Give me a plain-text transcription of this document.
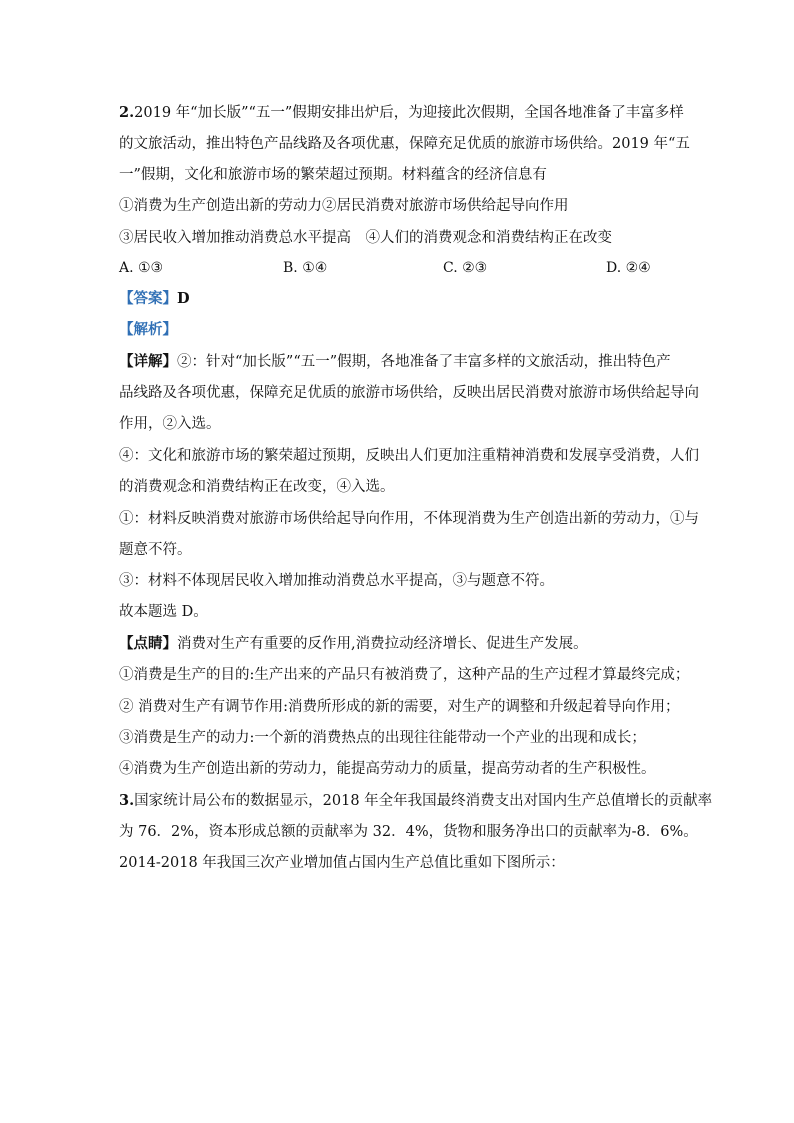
2.2019 年“加长版”“五一”假期安排出炉后，为迎接此次假期，全国各地准备了丰富多样
的文旅活动，推出特色产品线路及各项优惠，保障充足优质的旅游市场供给。2019 年“五
一”假期，文化和旅游市场的繁荣超过预期。材料蕴含的经济信息有
①消费为生产创造出新的劳动力②居民消费对旅游市场供给起导向作用
③居民收入增加推动消费总水平提高　④人们的消费观念和消费结构正在改变
A. ①③	B. ①④	C. ②③	D. ②④
【答案】D
【解析】
【详解】②：针对“加长版”“五一”假期，各地准备了丰富多样的文旅活动，推出特色产
品线路及各项优惠，保障充足优质的旅游市场供给，反映出居民消费对旅游市场供给起导向
作用，②入选。
④：文化和旅游市场的繁荣超过预期，反映出人们更加注重精神消费和发展享受消费，人们
的消费观念和消费结构正在改变，④入选。
①：材料反映消费对旅游市场供给起导向作用，不体现消费为生产创造出新的劳动力，①与
题意不符。
③：材料不体现居民收入增加推动消费总水平提高，③与题意不符。
故本题选 D。
【点睛】消费对生产有重要的反作用,消费拉动经济增长、促进生产发展。
①消费是生产的目的:生产出来的产品只有被消费了，这种产品的生产过程才算最终完成；
② 消费对生产有调节作用:消费所形成的新的需要，对生产的调整和升级起着导向作用；
③消费是生产的动力:一个新的消费热点的出现往往能带动一个产业的出现和成长；
④消费为生产创造出新的劳动力，能提高劳动力的质量，提高劳动者的生产积极性。
3.国家统计局公布的数据显示，2018 年全年我国最终消费支出对国内生产总值增长的贡献率
为 76．2%，资本形成总额的贡献率为 32．4%，货物和服务净出口的贡献率为-8．6%。
2014-2018 年我国三次产业增加值占国内生产总值比重如下图所示：
